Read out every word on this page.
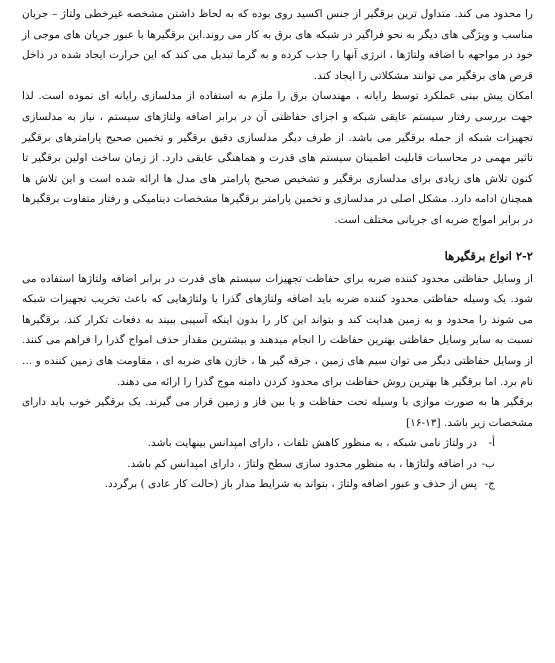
را محدود می کند. متداول ترین برقگیر از جنس اکسید روی بوده که به لحاظ داشتن مشخصه غیرخطی ولتاژ – جریان مناسب و ویژگی های دیگر به نحو فراگیر در شبکه های برق به کار می روند.این برقگیرها با عبور جریان های موجی از خود در مواجهه با اضافه ولتاژها ، انرژی آنها را جذب کرده و به گرما تبدیل می کند که این حرارت ایجاد شده در داخل قرص های برقگیر می توانند مشکلاتی را ایجاد کند.

امکان پیش بینی عملکرد توسط رایانه ، مهندسان برق را ملزم به استفاده از مدلسازی رایانه ای نموده است. لذا جهت بررسی رفتار سیستم عایقی شبکه و اجزای حفاظتی آن در برابر اضافه ولتاژهای سیستم ، نیاز به مدلسازی تجهیزات شبکه از جمله برقگیر می باشد. از طرف دیگر مدلسازی دقیق برقگیر و تخمین صحیح پارامترهای برقگیر تاثیر مهمی در محاسبات قابلیت اطمینان سیستم های قدرت و هماهنگی عایقی دارد. از زمان ساخت اولین برقگیر تا کنون تلاش های زیادی برای مدلسازی برقگیر و تشخیص صحیح پارامتر های مدل ها ارائه شده است و این تلاش ها همچنان ادامه دارد. مشکل اصلی در مدلسازی و تخمین پارامتر برقگیرها مشخصات دینامیکی و رفتار متفاوت برقگیرها در برابر امواج ضربه ای جریانی مختلف است.

۲-۲ انواع برقگیرها

از وسایل حفاظتی محدود کننده ضربه برای حفاظت تجهیزات سیستم های قدرت در برابر اضافه ولتاژها استفاده می شود. یک وسیله حفاظتی محدود کننده ضربه باید اضافه ولتاژهای گذرا یا ولتاژهایی که باعث تخریب تجهیزات شبکه می شوند را محدود و به زمین هدایت کند و بتواند این کار را بدون اینکه آسیبی ببیند به دفعات تکرار کند. برقگیرها نسبت به سایر وسایل حفاظتی بهترین حفاظت را انجام میدهند و بیشترین مقدار حذف امواج گذرا را فراهم می کنند. از وسایل حفاظتی دیگر می توان سیم های زمین ، جرقه گیر ها ، خازن های ضربه ای ، مقاومت های زمین کننده و ... نام برد. اما برقگیر ها بهترین روش حفاظت برای محدود کردن دامنه موج گذرا را ارائه می دهند.

برقگیر ها به صورت موازی با وسیله تحت حفاظت و یا بین فاز و زمین قرار می گیرند. یک برقگیر خوب باید دارای مشخصات زیر باشد. [۱۳-۱۶]

أ-
در ولتاژ نامی شبکه ، به منظور کاهش تلفات ، دارای امپدانس بینهایت باشد.
ب-
در اضافه ولتاژها ، به منظور محدود سازی سطح ولتاژ ، دارای امپدانس کم باشد.
ج-
پس از حذف و عبور اضافه ولتاژ ، بتواند به شرایط مدار باز (حالت کار عادی ) برگردد.
